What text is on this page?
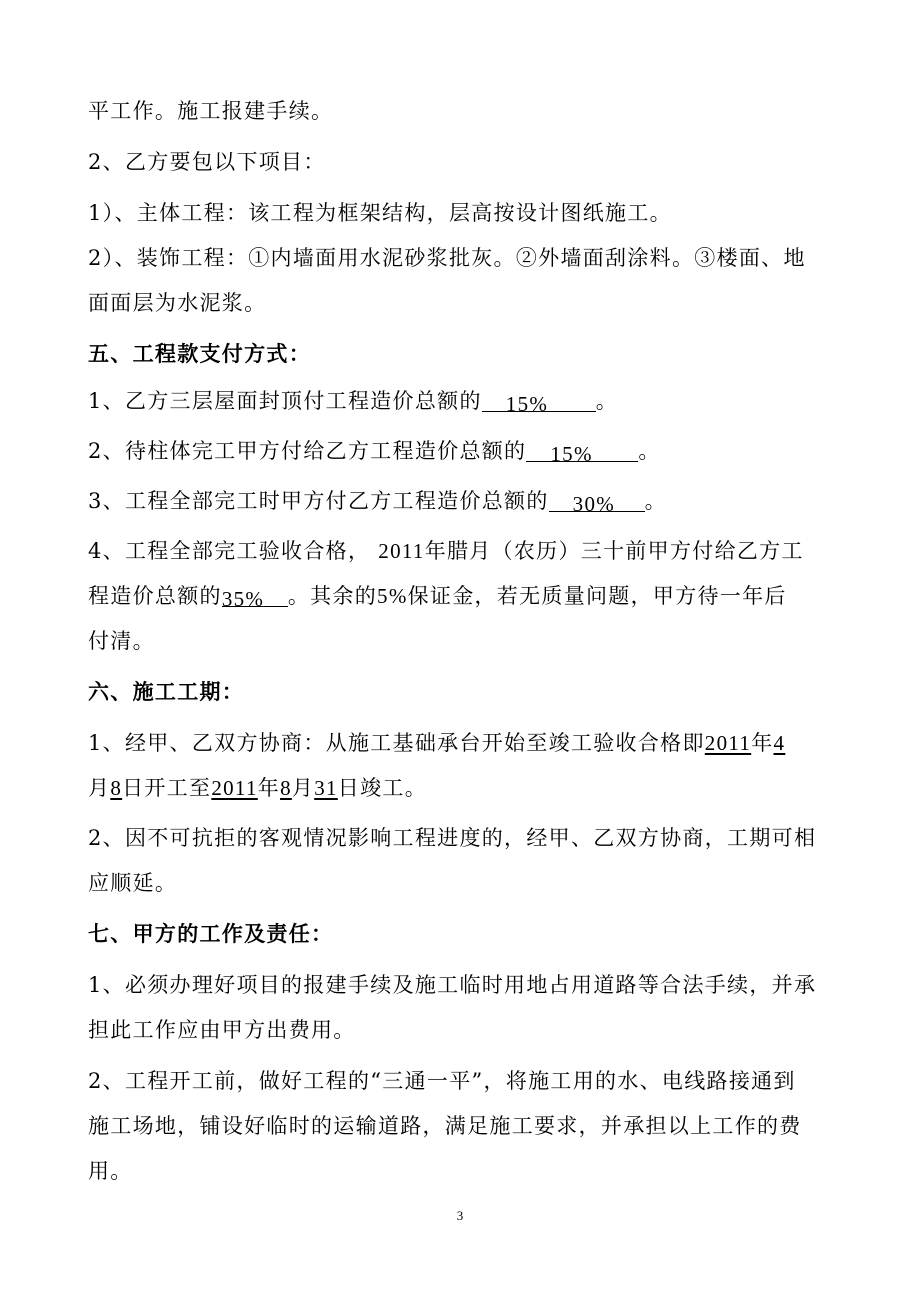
平工作。施工报建手续。
2、乙方要包以下项目：
1）、主体工程：该工程为框架结构，层高按设计图纸施工。
2）、装饰工程：①内墙面用水泥砂浆批灰。②外墙面刮涂料。③楼面、地
面面层为水泥浆。
五、工程款支付方式：
1、乙方三层屋面封顶付工程造价总额的 15% 。
2、待柱体完工甲方付给乙方工程造价总额的 15% 。
3、工程全部完工时甲方付乙方工程造价总额的 30% 。
4、工程全部完工验收合格， 2011年腊月（农历）三十前甲方付给乙方工
程造价总额的35% 。其余的5%保证金，若无质量问题，甲方待一年后
付清。
六、施工工期：
1、经甲、乙双方协商：从施工基础承台开始至竣工验收合格即2011年4
月8日开工至2011年8月31日竣工。
2、因不可抗拒的客观情况影响工程进度的，经甲、乙双方协商，工期可相
应顺延。
七、甲方的工作及责任：
1、必须办理好项目的报建手续及施工临时用地占用道路等合法手续，并承
担此工作应由甲方出费用。
2、工程开工前，做好工程的“三通一平”，将施工用的水、电线路接通到
施工场地，铺设好临时的运输道路，满足施工要求，并承担以上工作的费
用。
3
